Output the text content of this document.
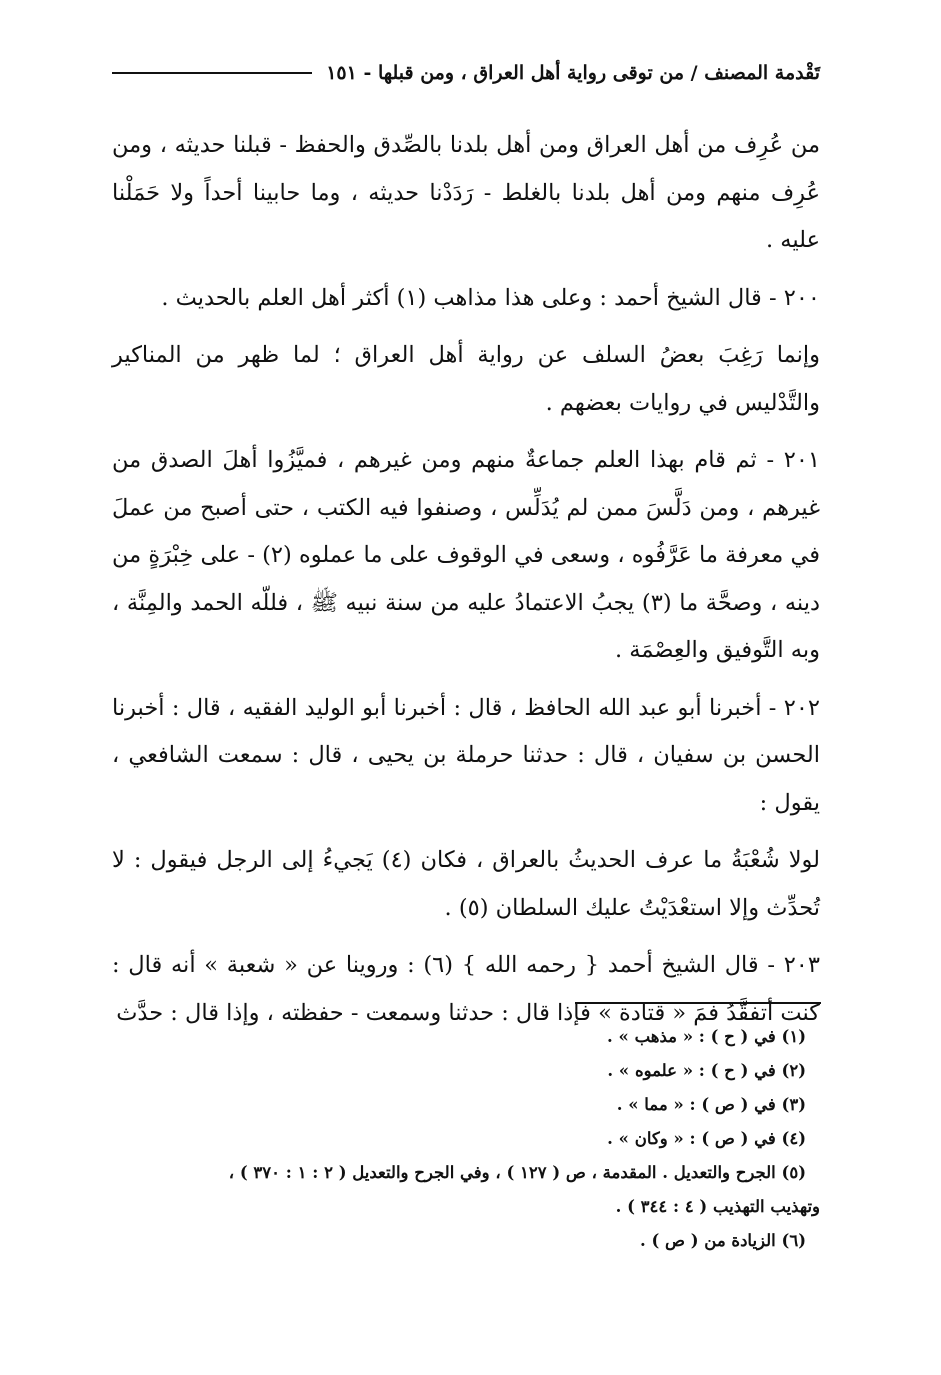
تَقْدمة المصنف / من توقى رواية أهل العراق ، ومن قبلها - ١٥١

من عُرِف من أهل العراق ومن أهل بلدنا بالصِّدق والحفظ - قبلنا حديثه ، ومن عُرِف منهم ومن أهل بلدنا بالغلط - رَدَدْنا حديثه ، وما حابينا أحداً ولا حَمَلْنا عليه .

٢٠٠ - قال الشيخ أحمد : وعلى هذا مذاهب (١) أكثر أهل العلم بالحديث .

وإنما رَغِبَ بعضُ السلف عن رواية أهل العراق ؛ لما ظهر من المناكير والتَّدْليس في روايات بعضهم .

٢٠١ - ثم قام بهذا العلم جماعةٌ منهم ومن غيرهم ، فميَّزُوا أهلَ الصدق من غيرهم ، ومن دَلَّسَ ممن لم يُدَلِّس ، وصنفوا فيه الكتب ، حتى أصبح من عملَ في معرفة ما عَرَّفُوه ، وسعى في الوقوف على ما عملوه (٢) - على خِبْرَةٍ من دينه ، وصحَّة ما (٣) يجبُ الاعتمادُ عليه من سنة نبيه ﷺ ، فللّه الحمد والمِنَّة ، وبه التَّوفيق والعِصْمَة .

٢٠٢ - أخبرنا أبو عبد الله الحافظ ، قال : أخبرنا أبو الوليد الفقيه ، قال : أخبرنا الحسن بن سفيان ، قال : حدثنا حرملة بن يحيى ، قال : سمعت الشافعي ، يقول :

لولا شُعْبَةُ ما عرف الحديثُ بالعراق ، فكان (٤) يَجيءُ إلى الرجل فيقول : لا تُحدِّث وإلا استعْدَيْتُ عليك السلطان (٥) .

٢٠٣ - قال الشيخ أحمد { رحمه الله } (٦) : وروينا عن « شعبة » أنه قال : كنت أتفقَّدُ فمَ « قتادة » فإذا قال : حدثنا وسمعت - حفظته ، وإذا قال : حدَّث

(١) في ( ح ) : « مذهب » .
(٢) في ( ح ) : « علموه » .
(٣) في ( ص ) : « مما » .
(٤) في ( ص ) : « وكان » .
(٥) الجرح والتعديل . المقدمة ، ص ( ١٢٧ ) ، وفي الجرح والتعديل ( ٢ : ١ : ٣٧٠ ) ،
وتهذيب التهذيب ( ٤ : ٣٤٤ ) .
(٦) الزيادة من ( ص ) .
